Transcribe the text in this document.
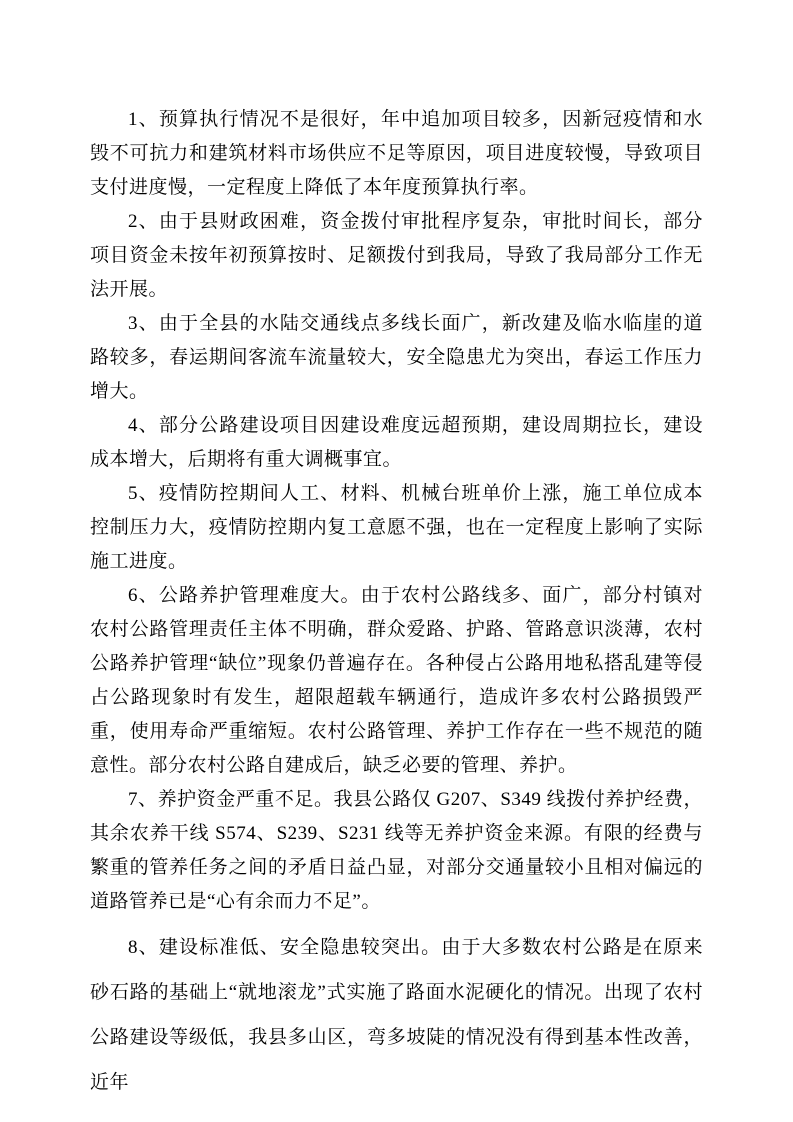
1、预算执行情况不是很好，年中追加项目较多，因新冠疫情和水毁不可抗力和建筑材料市场供应不足等原因，项目进度较慢，导致项目支付进度慢，一定程度上降低了本年度预算执行率。

2、由于县财政困难，资金拨付审批程序复杂，审批时间长，部分项目资金未按年初预算按时、足额拨付到我局，导致了我局部分工作无法开展。

3、由于全县的水陆交通线点多线长面广，新改建及临水临崖的道路较多，春运期间客流车流量较大，安全隐患尤为突出，春运工作压力增大。

4、部分公路建设项目因建设难度远超预期，建设周期拉长，建设成本增大，后期将有重大调概事宜。

5、疫情防控期间人工、材料、机械台班单价上涨，施工单位成本控制压力大，疫情防控期内复工意愿不强，也在一定程度上影响了实际施工进度。

6、公路养护管理难度大。由于农村公路线多、面广，部分村镇对农村公路管理责任主体不明确，群众爱路、护路、管路意识淡薄，农村公路养护管理“缺位”现象仍普遍存在。各种侵占公路用地私搭乱建等侵占公路现象时有发生，超限超载车辆通行，造成许多农村公路损毁严重，使用寿命严重缩短。农村公路管理、养护工作存在一些不规范的随意性。部分农村公路自建成后，缺乏必要的管理、养护。

7、养护资金严重不足。我县公路仅 G207、S349 线拨付养护经费，其余农养干线 S574、S239、S231 线等无养护资金来源。有限的经费与繁重的管养任务之间的矛盾日益凸显，对部分交通量较小且相对偏远的道路管养已是“心有余而力不足”。

8、建设标准低、安全隐患较突出。由于大多数农村公路是在原来砂石路的基础上“就地滚龙”式实施了路面水泥硬化的情况。出现了农村公路建设等级低，我县多山区，弯多坡陡的情况没有得到基本性改善，近年
